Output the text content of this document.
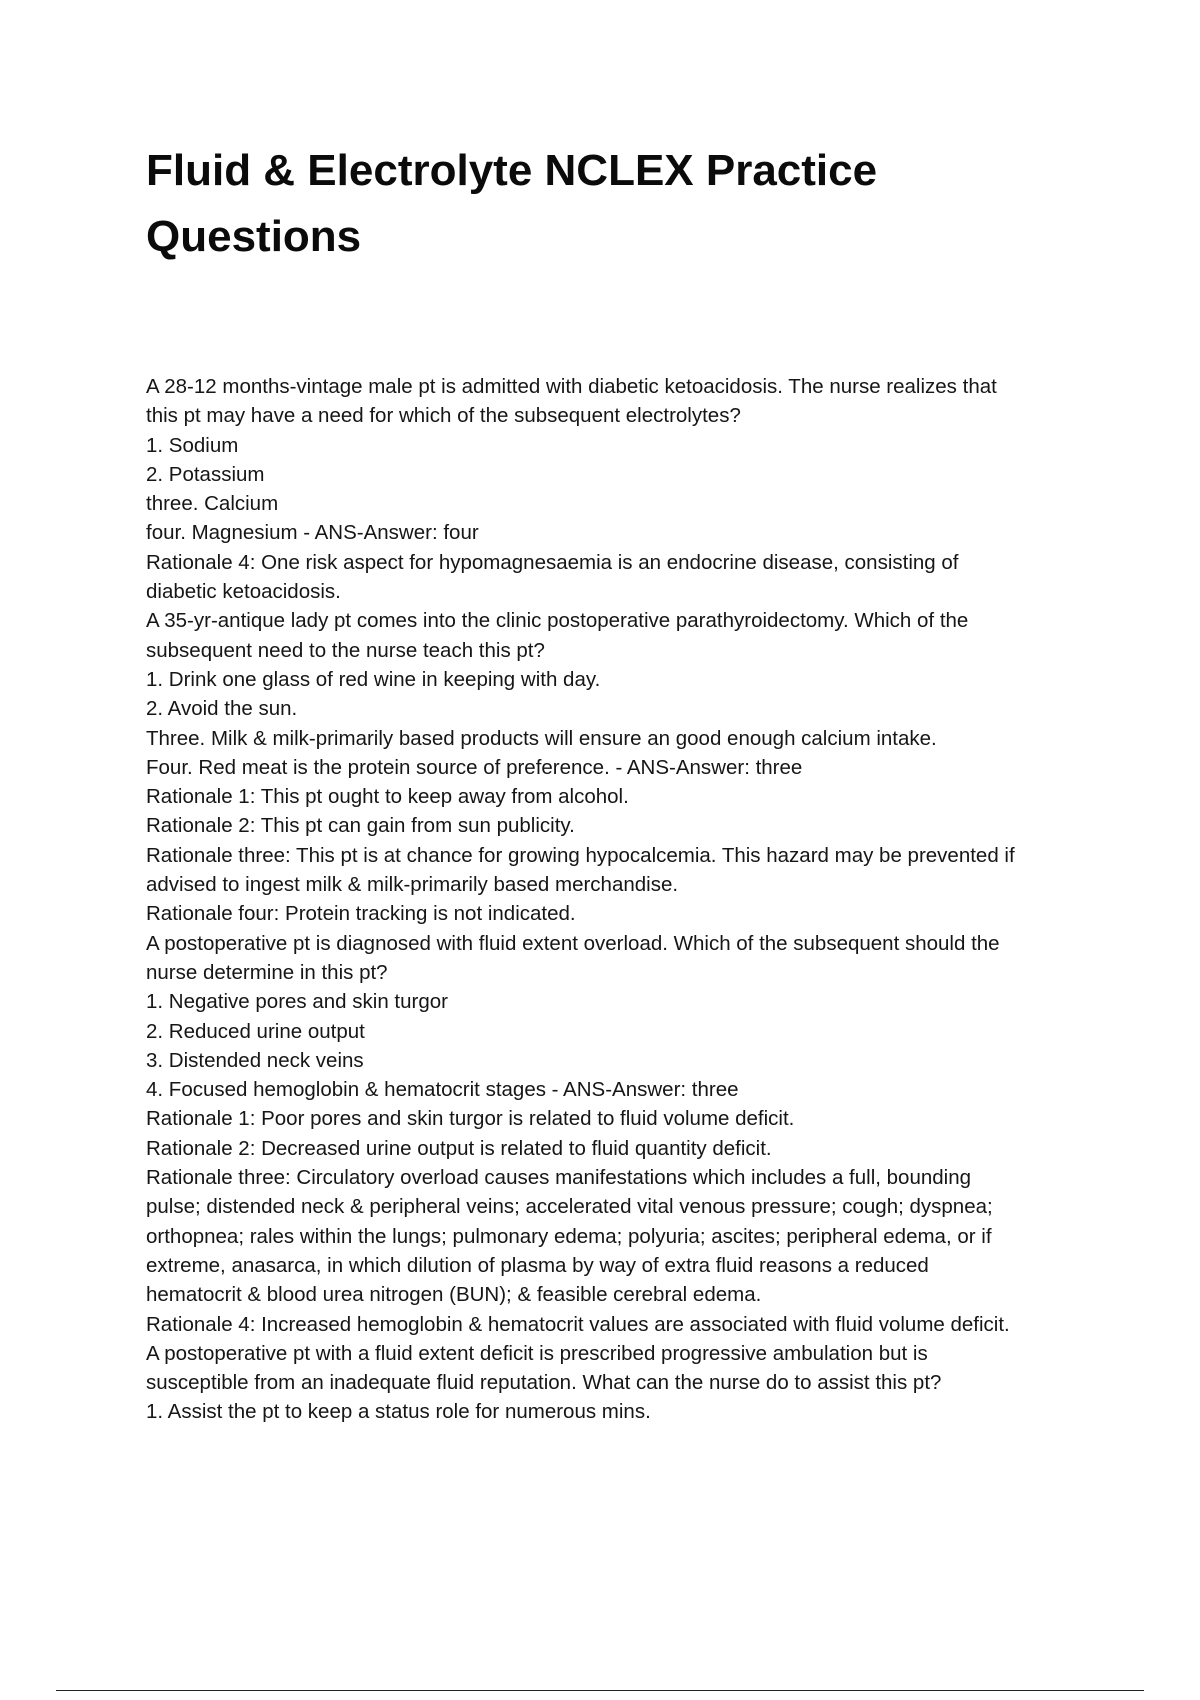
Fluid & Electrolyte NCLEX Practice
Questions

A 28-12 months-vintage male pt is admitted with diabetic ketoacidosis. The nurse realizes that

this pt may have a need for which of the subsequent electrolytes?

1. Sodium

2. Potassium

three. Calcium

four. Magnesium - ANS-Answer: four

Rationale 4: One risk aspect for hypomagnesaemia is an endocrine disease, consisting of

diabetic ketoacidosis.

A 35-yr-antique lady pt comes into the clinic postoperative parathyroidectomy. Which of the

subsequent need to the nurse teach this pt?

1. Drink one glass of red wine in keeping with day.

2. Avoid the sun.

Three. Milk & milk-primarily based products will ensure an good enough calcium intake.

Four. Red meat is the protein source of preference. - ANS-Answer: three

Rationale 1: This pt ought to keep away from alcohol.

Rationale 2: This pt can gain from sun publicity.

Rationale three: This pt is at chance for growing hypocalcemia. This hazard may be prevented if

advised to ingest milk & milk-primarily based merchandise.

Rationale four: Protein tracking is not indicated.

A postoperative pt is diagnosed with fluid extent overload. Which of the subsequent should the

nurse determine in this pt?

1. Negative pores and skin turgor

2. Reduced urine output

3. Distended neck veins

4. Focused hemoglobin & hematocrit stages - ANS-Answer: three

Rationale 1: Poor pores and skin turgor is related to fluid volume deficit.

Rationale 2: Decreased urine output is related to fluid quantity deficit.

Rationale three: Circulatory overload causes manifestations which includes a full, bounding

pulse; distended neck & peripheral veins; accelerated vital venous pressure; cough; dyspnea;

orthopnea; rales within the lungs; pulmonary edema; polyuria; ascites; peripheral edema, or if

extreme, anasarca, in which dilution of plasma by way of extra fluid reasons a reduced

hematocrit & blood urea nitrogen (BUN); & feasible cerebral edema.

Rationale 4: Increased hemoglobin & hematocrit values are associated with fluid volume deficit.

A postoperative pt with a fluid extent deficit is prescribed progressive ambulation but is

susceptible from an inadequate fluid reputation. What can the nurse do to assist this pt?

1. Assist the pt to keep a status role for numerous mins.
